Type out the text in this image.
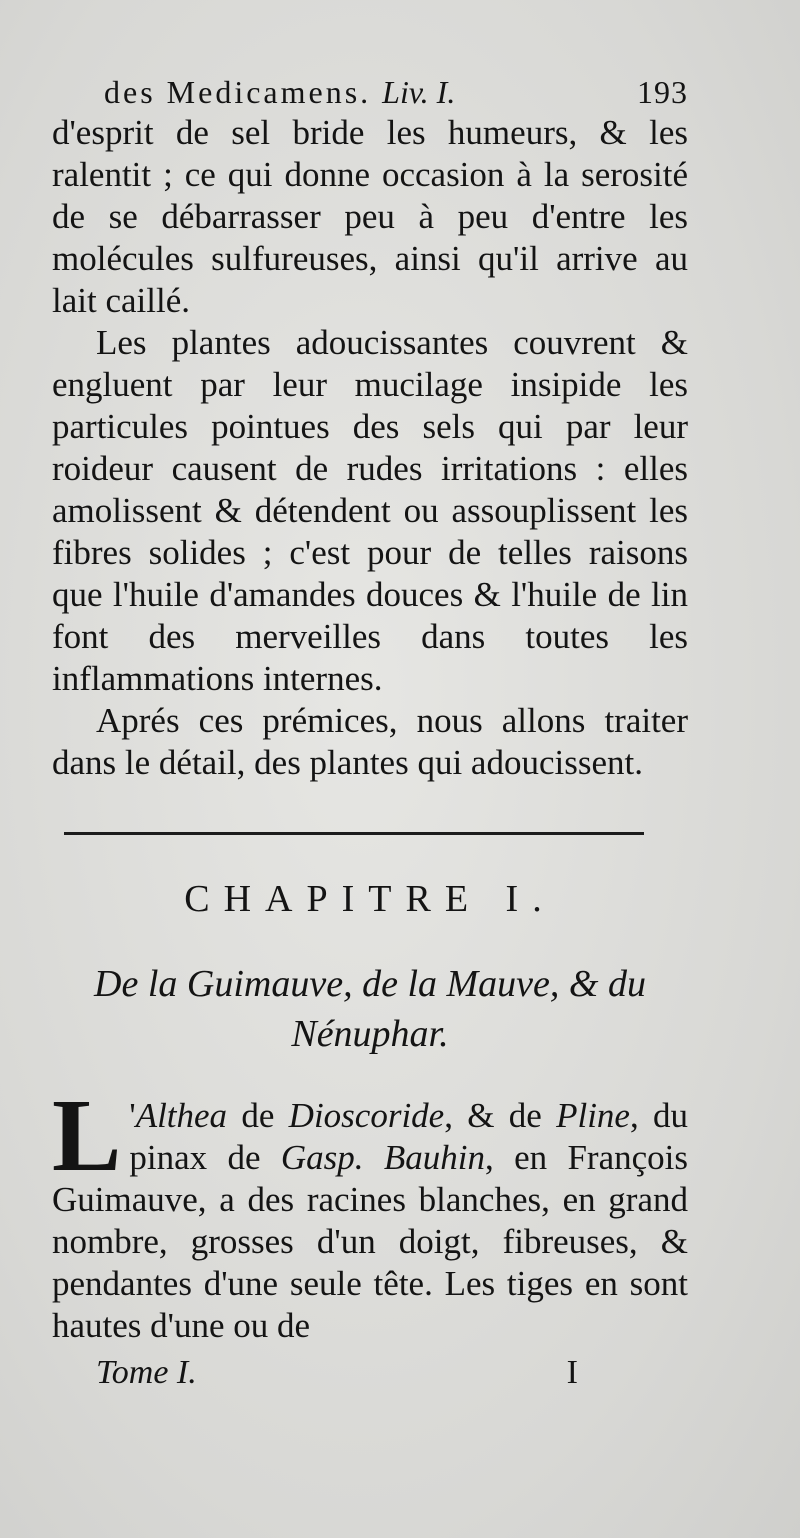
des Medicamens. Liv. I.	193

d'esprit de sel bride les humeurs, & les ralentit ; ce qui donne occasion à la serosité de se débarrasser peu à peu d'entre les molécules sulfureuses, ainsi qu'il arrive au lait caillé.

Les plantes adoucissantes couvrent & engluent par leur mucilage insipide les particules pointues des sels qui par leur roideur causent de rudes irritations : elles amolissent & détendent ou assouplissent les fibres solides ; c'est pour de telles raisons que l'huile d'amandes douces & l'huile de lin font des merveilles dans toutes les inflammations internes.

Aprés ces prémices, nous allons traiter dans le détail, des plantes qui adoucissent.

CHAPITRE I.
De la Guimauve, de la Mauve, & du Nénuphar.
L 'Althea de Dioscoride, & de Pline, du pinax de Gasp. Bauhin, en François Guimauve, a des racines blanches, en grand nombre, grosses d'un doigt, fibreuses, & pendantes d'une seule tête. Les tiges en sont hautes d'une ou de
Tome I.	I
